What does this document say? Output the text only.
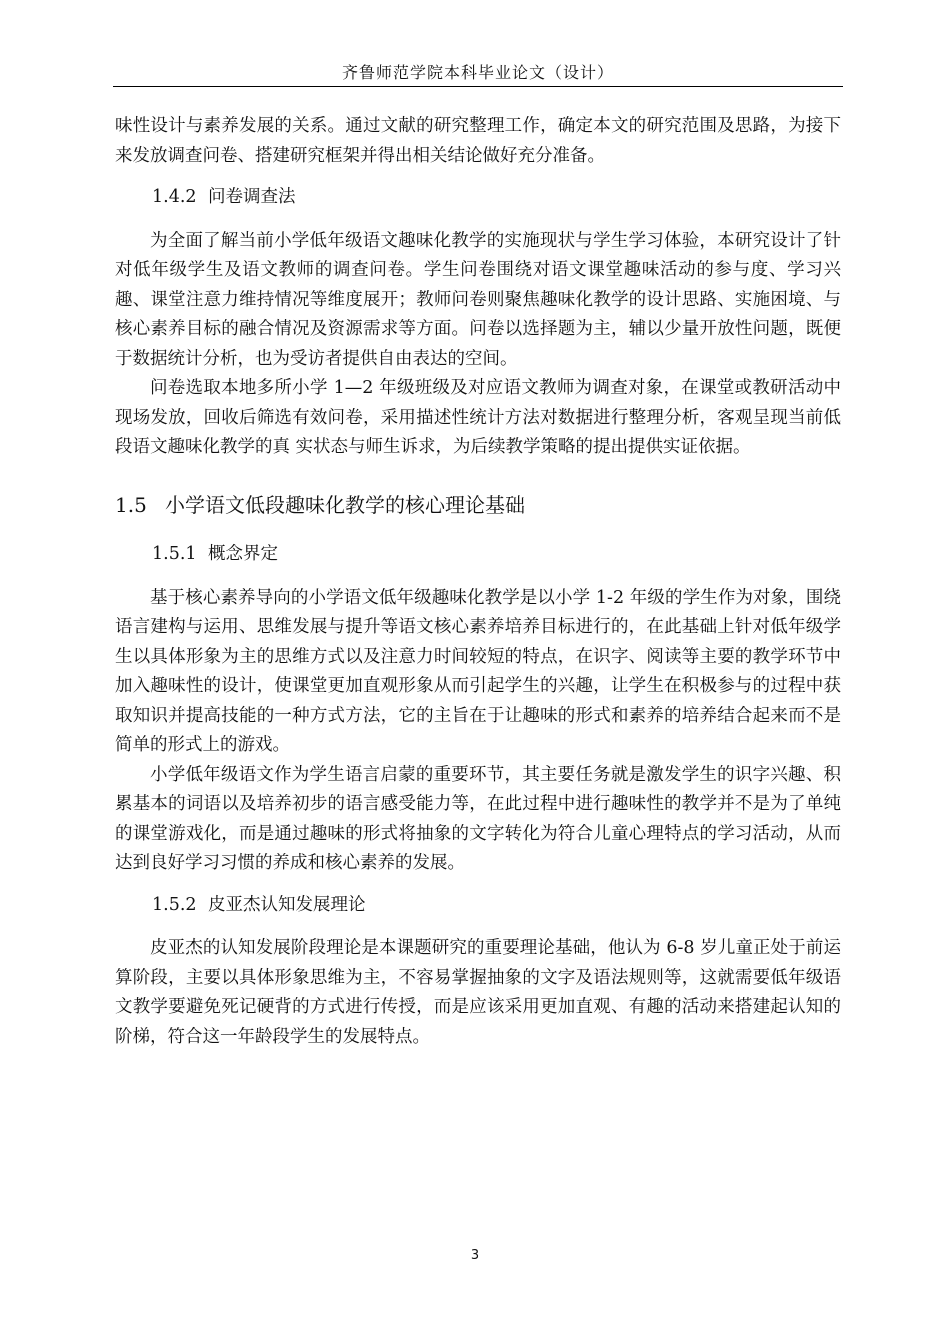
齐鲁师范学院本科毕业论文（设计）

味性设计与素养发展的关系。通过文献的研究整理工作，确定本文的研究范围及思路，为接下来发放调查问卷、搭建研究框架并得出相关结论做好充分准备。

1.4.2 问卷调查法

为全面了解当前小学低年级语文趣味化教学的实施现状与学生学习体验，本研究设计了针对低年级学生及语文教师的调查问卷。学生问卷围绕对语文课堂趣味活动的参与度、学习兴趣、课堂注意力维持情况等维度展开；教师问卷则聚焦趣味化教学的设计思路、实施困境、与核心素养目标的融合情况及资源需求等方面。问卷以选择题为主，辅以少量开放性问题，既便于数据统计分析，也为受访者提供自由表达的空间。

问卷选取本地多所小学 1—2 年级班级及对应语文教师为调查对象，在课堂或教研活动中现场发放，回收后筛选有效问卷，采用描述性统计方法对数据进行整理分析，客观呈现当前低段语文趣味化教学的真 实状态与师生诉求，为后续教学策略的提出提供实证依据。

1.5 小学语文低段趣味化教学的核心理论基础

1.5.1 概念界定

基于核心素养导向的小学语文低年级趣味化教学是以小学 1-2 年级的学生作为对象，围绕语言建构与运用、思维发展与提升等语文核心素养培养目标进行的，在此基础上针对低年级学生以具体形象为主的思维方式以及注意力时间较短的特点，在识字、阅读等主要的教学环节中加入趣味性的设计，使课堂更加直观形象从而引起学生的兴趣，让学生在积极参与的过程中获取知识并提高技能的一种方式方法，它的主旨在于让趣味的形式和素养的培养结合起来而不是简单的形式上的游戏。

小学低年级语文作为学生语言启蒙的重要环节，其主要任务就是激发学生的识字兴趣、积累基本的词语以及培养初步的语言感受能力等，在此过程中进行趣味性的教学并不是为了单纯的课堂游戏化，而是通过趣味的形式将抽象的文字转化为符合儿童心理特点的学习活动，从而达到良好学习习惯的养成和核心素养的发展。

1.5.2 皮亚杰认知发展理论

皮亚杰的认知发展阶段理论是本课题研究的重要理论基础，他认为 6-8 岁儿童正处于前运算阶段，主要以具体形象思维为主，不容易掌握抽象的文字及语法规则等，这就需要低年级语文教学要避免死记硬背的方式进行传授，而是应该采用更加直观、有趣的活动来搭建起认知的阶梯，符合这一年龄段学生的发展特点。

3
